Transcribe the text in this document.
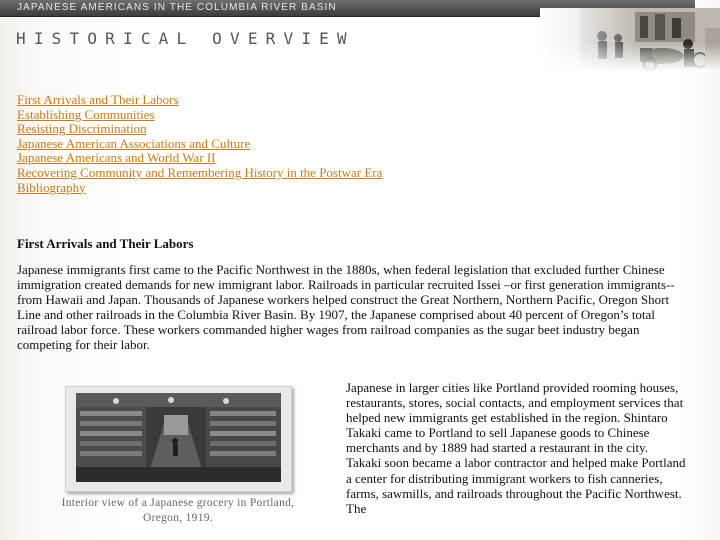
JAPANESE AMERICANS IN THE COLUMBIA RIVER BASIN
HISTORICAL OVERVIEW
First Arrivals and Their Labors
Establishing Communities
Resisting Discrimination
Japanese American Associations and Culture
Japanese Americans and World War II
Recovering Community and Remembering History in the Postwar Era
Bibliography
First Arrivals and Their Labors

Japanese immigrants first came to the Pacific Northwest in the 1880s, when federal legislation that excluded further Chinese immigration created demands for new immigrant labor. Railroads in particular recruited Issei –or first generation immigrants--from Hawaii and Japan. Thousands of Japanese workers helped construct the Great Northern, Northern Pacific, Oregon Short Line and other railroads in the Columbia River Basin. By 1907, the Japanese comprised about 40 percent of Oregon’s total railroad labor force. These workers commanded higher wages from railroad companies as the sugar beet industry began competing for their labor.

Interior view of a Japanese grocery in Portland, Oregon, 1919.

Japanese in larger cities like Portland provided rooming houses, restaurants, stores, social contacts, and employment services that helped new immigrants get established in the region. Shintaro Takaki came to Portland to sell Japanese goods to Chinese merchants and by 1889 had started a restaurant in the city. Takaki soon became a labor contractor and helped make Portland a center for distributing immigrant workers to fish canneries, farms, sawmills, and railroads throughout the Pacific Northwest. The
